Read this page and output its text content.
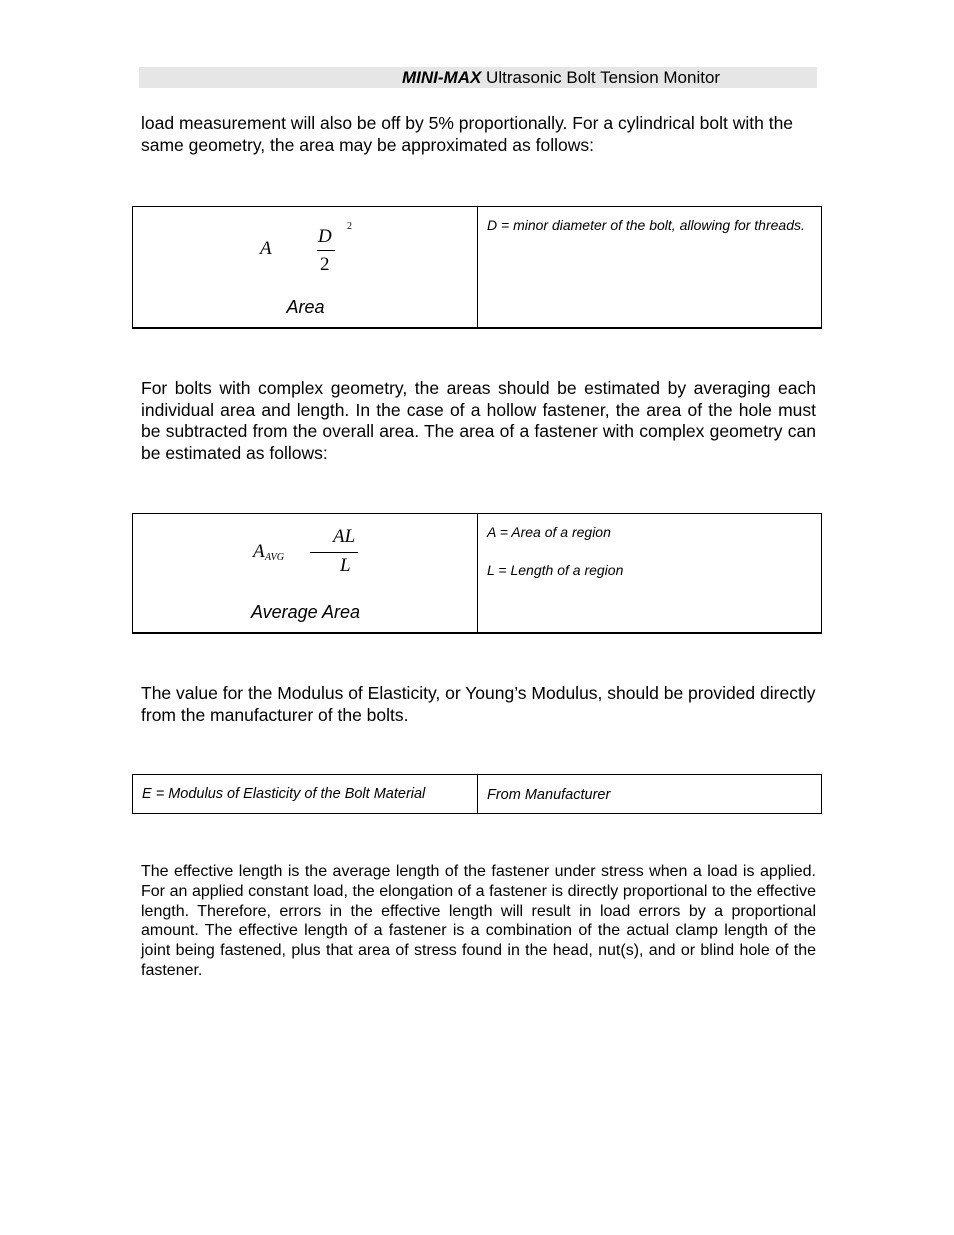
MINI-MAX Ultrasonic Bolt Tension Monitor

load measurement will also be off by 5% proportionally. For a cylindrical bolt with the same geometry, the area may be approximated as follows:

A
D
2
2
Area
D = minor diameter of the bolt, allowing for threads.

For bolts with complex geometry, the areas should be estimated by averaging each individual area and length. In the case of a hollow fastener, the area of the hole must be subtracted from the overall area. The area of a fastener with complex geometry can be estimated as follows:

A AVG
AL
L
Average Area
A = Area of a region
L = Length of a region

The value for the Modulus of Elasticity, or Young’s Modulus, should be provided directly from the manufacturer of the bolts.

E = Modulus of Elasticity of the Bolt Material	From Manufacturer

The effective length is the average length of the fastener under stress when a load is applied. For an applied constant load, the elongation of a fastener is directly proportional to the effective length. Therefore, errors in the effective length will result in load errors by a proportional amount. The effective length of a fastener is a combination of the actual clamp length of the joint being fastened, plus that area of stress found in the head, nut(s), and or blind hole of the fastener.
